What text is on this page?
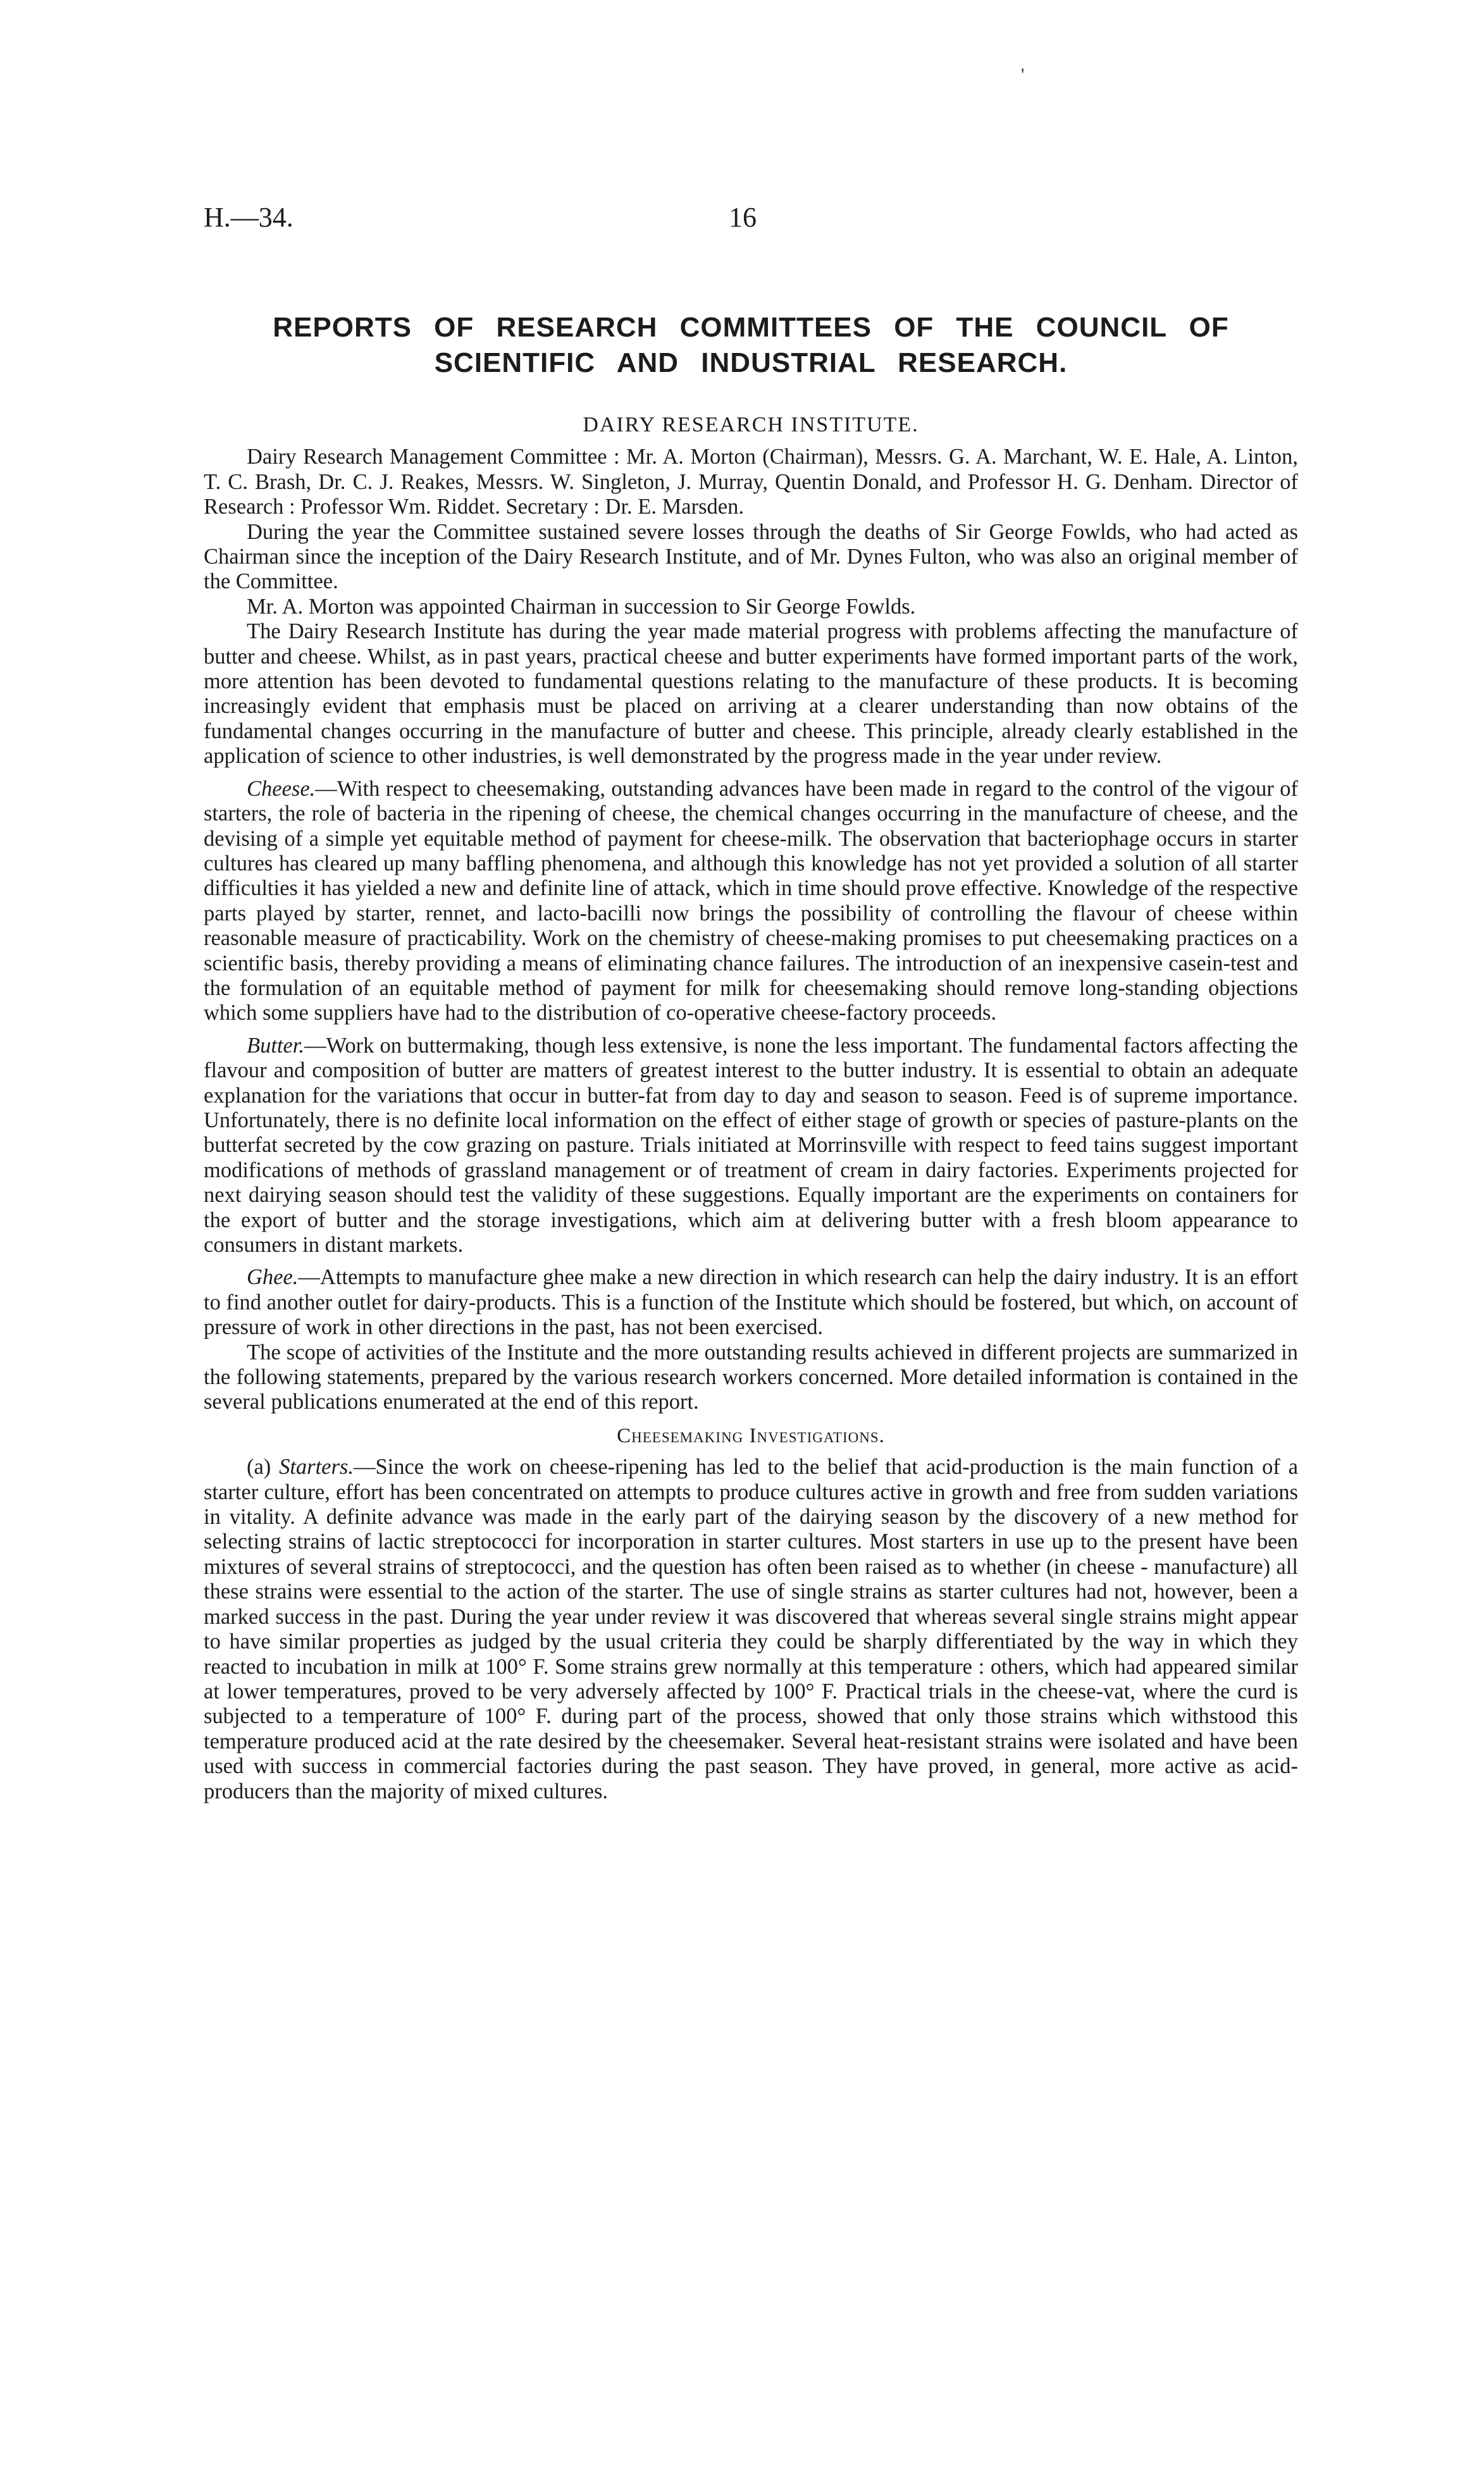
'
H.—34.	16
REPORTS OF RESEARCH COMMITTEES OF THE COUNCIL OF
SCIENTIFIC AND INDUSTRIAL RESEARCH.
DAIRY RESEARCH INSTITUTE.

Dairy Research Management Committee : Mr. A. Morton (Chairman), Messrs. G. A. Marchant, W. E. Hale, A. Linton, T. C. Brash, Dr. C. J. Reakes, Messrs. W. Singleton, J. Murray, Quentin Donald, and Professor H. G. Denham. Director of Research : Professor Wm. Riddet. Secretary : Dr. E. Marsden.

During the year the Committee sustained severe losses through the deaths of Sir George Fowlds, who had acted as Chairman since the inception of the Dairy Research Institute, and of Mr. Dynes Fulton, who was also an original member of the Committee.

Mr. A. Morton was appointed Chairman in succession to Sir George Fowlds.

The Dairy Research Institute has during the year made material progress with problems affecting the manufacture of butter and cheese. Whilst, as in past years, practical cheese and butter experiments have formed important parts of the work, more attention has been devoted to fundamental questions relating to the manufacture of these products. It is becoming increasingly evident that emphasis must be placed on arriving at a clearer understanding than now obtains of the fundamental changes occurring in the manufacture of butter and cheese. This principle, already clearly established in the application of science to other industries, is well demonstrated by the progress made in the year under review.

Cheese.—With respect to cheesemaking, outstanding advances have been made in regard to the control of the vigour of starters, the role of bacteria in the ripening of cheese, the chemical changes occurring in the manufacture of cheese, and the devising of a simple yet equitable method of payment for cheese-milk. The observation that bacteriophage occurs in starter cultures has cleared up many baffling phenomena, and although this knowledge has not yet provided a solution of all starter difficulties it has yielded a new and definite line of attack, which in time should prove effective. Knowledge of the respective parts played by starter, rennet, and lacto-bacilli now brings the possibility of controlling the flavour of cheese within reasonable measure of practicability. Work on the chemistry of cheese-making promises to put cheesemaking practices on a scientific basis, thereby providing a means of eliminating chance failures. The introduction of an inexpensive casein-test and the formulation of an equitable method of payment for milk for cheesemaking should remove long-standing objections which some suppliers have had to the distribution of co-operative cheese-factory proceeds.

Butter.—Work on buttermaking, though less extensive, is none the less important. The fundamental factors affecting the flavour and composition of butter are matters of greatest interest to the butter industry. It is essential to obtain an adequate explanation for the variations that occur in butter-fat from day to day and season to season. Feed is of supreme importance. Unfortunately, there is no definite local information on the effect of either stage of growth or species of pasture-plants on the butterfat secreted by the cow grazing on pasture. Trials initiated at Morrinsville with respect to feed tains suggest important modifications of methods of grassland management or of treatment of cream in dairy factories. Experiments projected for next dairying season should test the validity of these suggestions. Equally important are the experiments on containers for the export of butter and the storage investigations, which aim at delivering butter with a fresh bloom appearance to consumers in distant markets.

Ghee.—Attempts to manufacture ghee make a new direction in which research can help the dairy industry. It is an effort to find another outlet for dairy-products. This is a function of the Institute which should be fostered, but which, on account of pressure of work in other directions in the past, has not been exercised.

The scope of activities of the Institute and the more outstanding results achieved in different projects are summarized in the following statements, prepared by the various research workers concerned. More detailed information is contained in the several publications enumerated at the end of this report.

Cheesemaking Investigations.

(a) Starters.—Since the work on cheese-ripening has led to the belief that acid-production is the main function of a starter culture, effort has been concentrated on attempts to produce cultures active in growth and free from sudden variations in vitality. A definite advance was made in the early part of the dairying season by the discovery of a new method for selecting strains of lactic streptococci for incorporation in starter cultures. Most starters in use up to the present have been mixtures of several strains of streptococci, and the question has often been raised as to whether (in cheese - manufacture) all these strains were essential to the action of the starter. The use of single strains as starter cultures had not, however, been a marked success in the past. During the year under review it was discovered that whereas several single strains might appear to have similar properties as judged by the usual criteria they could be sharply differentiated by the way in which they reacted to incubation in milk at 100° F. Some strains grew normally at this temperature : others, which had appeared similar at lower temperatures, proved to be very adversely affected by 100° F. Practical trials in the cheese-vat, where the curd is subjected to a temperature of 100° F. during part of the process, showed that only those strains which withstood this temperature produced acid at the rate desired by the cheesemaker. Several heat-resistant strains were isolated and have been used with success in commercial factories during the past season. They have proved, in general, more active as acid-producers than the majority of mixed cultures.
